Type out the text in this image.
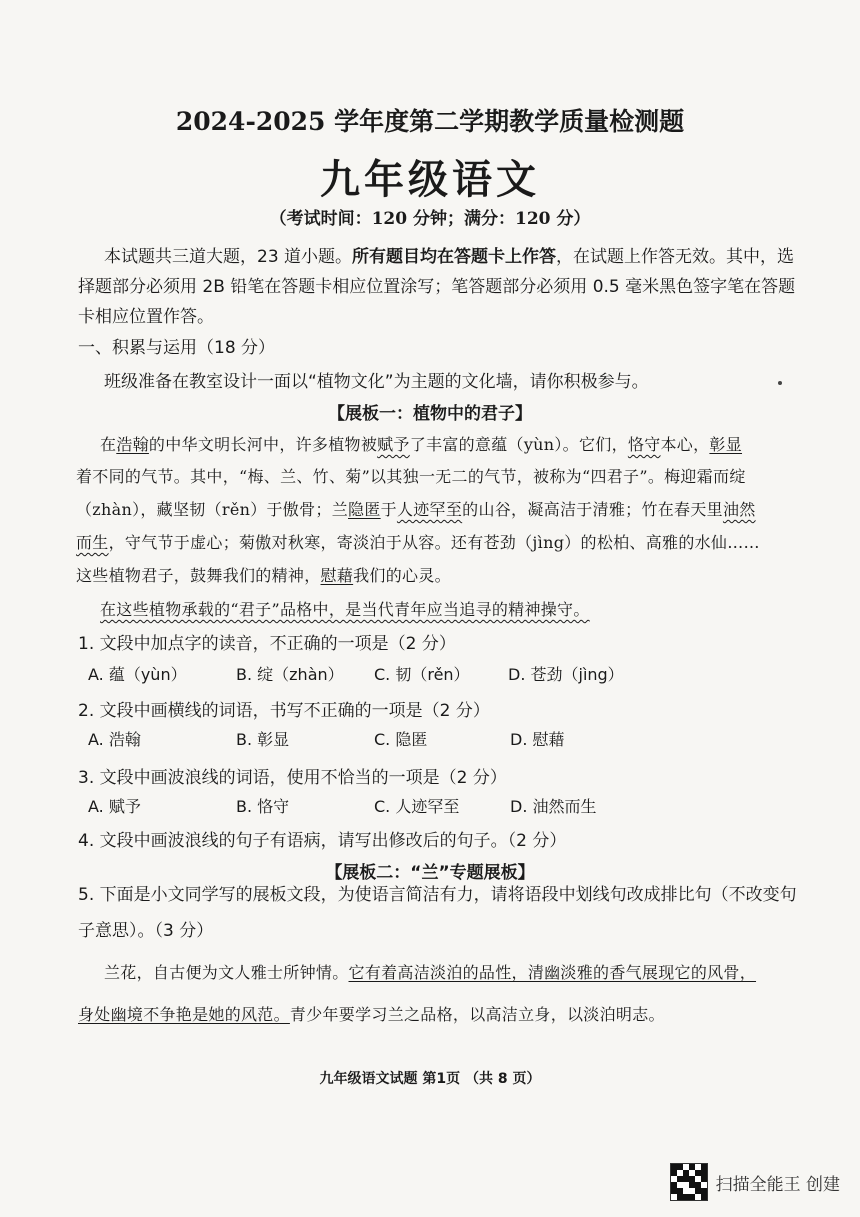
2024-2025 学年度第二学期教学质量检测题
九年级语文
（考试时间：120 分钟；满分：120 分）
本试题共三道大题，23 道小题。所有题目均在答题卡上作答，在试题上作答无效。其中，选
择题部分必须用 2B 铅笔在答题卡相应位置涂写；笔答题部分必须用 0.5 毫米黑色签字笔在答题
卡相应位置作答。
一、积累与运用（18 分）
班级准备在教室设计一面以“植物文化”为主题的文化墙，请你积极参与。
【展板一：植物中的君子】
在浩翰的中华文明长河中，许多植物被赋予了丰富的意蕴（yùn）。它们，恪守本心，彰显
着不同的气节。其中，“梅、兰、竹、菊”以其独一无二的气节，被称为“四君子”。梅迎霜而绽
（zhàn），藏坚韧（rěn）于傲骨；兰隐匿于人迹罕至的山谷，凝高洁于清雅；竹在春天里油然
而生，守气节于虚心；菊傲对秋寒，寄淡泊于从容。还有苍劲（jìng）的松柏、高雅的水仙……
这些植物君子，鼓舞我们的精神，慰藉我们的心灵。
在这些植物承载的“君子”品格中，是当代青年应当追寻的精神操守。
1. 文段中加点字的读音，不正确的一项是（2 分）
A. 蕴（yùn）	B. 绽（zhàn） C. 韧（rěn） D. 苍劲（jìng）
2. 文段中画横线的词语，书写不正确的一项是（2 分）
A. 浩翰	B. 彰显	C. 隐匿	D. 慰藉
3. 文段中画波浪线的词语，使用不恰当的一项是（2 分）
A. 赋予	B. 恪守	C. 人迹罕至	D. 油然而生
4. 文段中画波浪线的句子有语病，请写出修改后的句子。（2 分）
【展板二：“兰”专题展板】
5. 下面是小文同学写的展板文段，为使语言简洁有力，请将语段中划线句改成排比句（不改变句
子意思）。（3 分）
兰花，自古便为文人雅士所钟情。它有着高洁淡泊的品性，清幽淡雅的香气展现它的风骨，
身处幽境不争艳是她的风范。青少年要学习兰之品格，以高洁立身，以淡泊明志。
九年级语文试题 第1页 （共 8 页）
扫描全能王 创建
